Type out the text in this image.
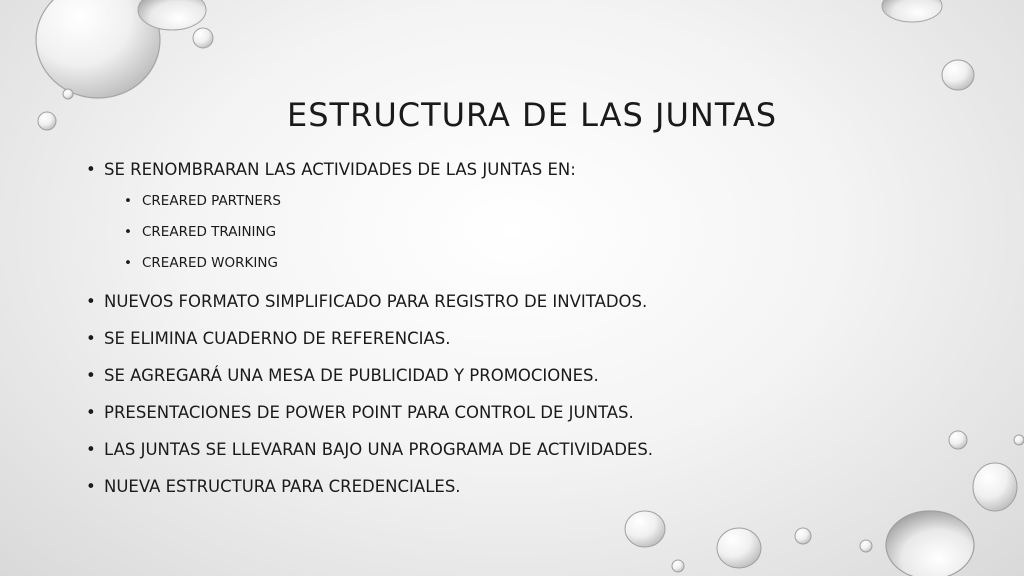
ESTRUCTURA DE LAS JUNTAS
• SE RENOMBRARAN LAS ACTIVIDADES DE LAS JUNTAS EN:
• CREARED PARTNERS
• CREARED TRAINING
• CREARED WORKING
• NUEVOS FORMATO SIMPLIFICADO PARA REGISTRO DE INVITADOS.
• SE ELIMINA CUADERNO DE REFERENCIAS.
• SE AGREGARÁ UNA MESA DE PUBLICIDAD Y PROMOCIONES.
• PRESENTACIONES DE POWER POINT PARA CONTROL DE JUNTAS.
• LAS JUNTAS SE LLEVARAN BAJO UNA PROGRAMA DE ACTIVIDADES.
• NUEVA ESTRUCTURA PARA CREDENCIALES.
